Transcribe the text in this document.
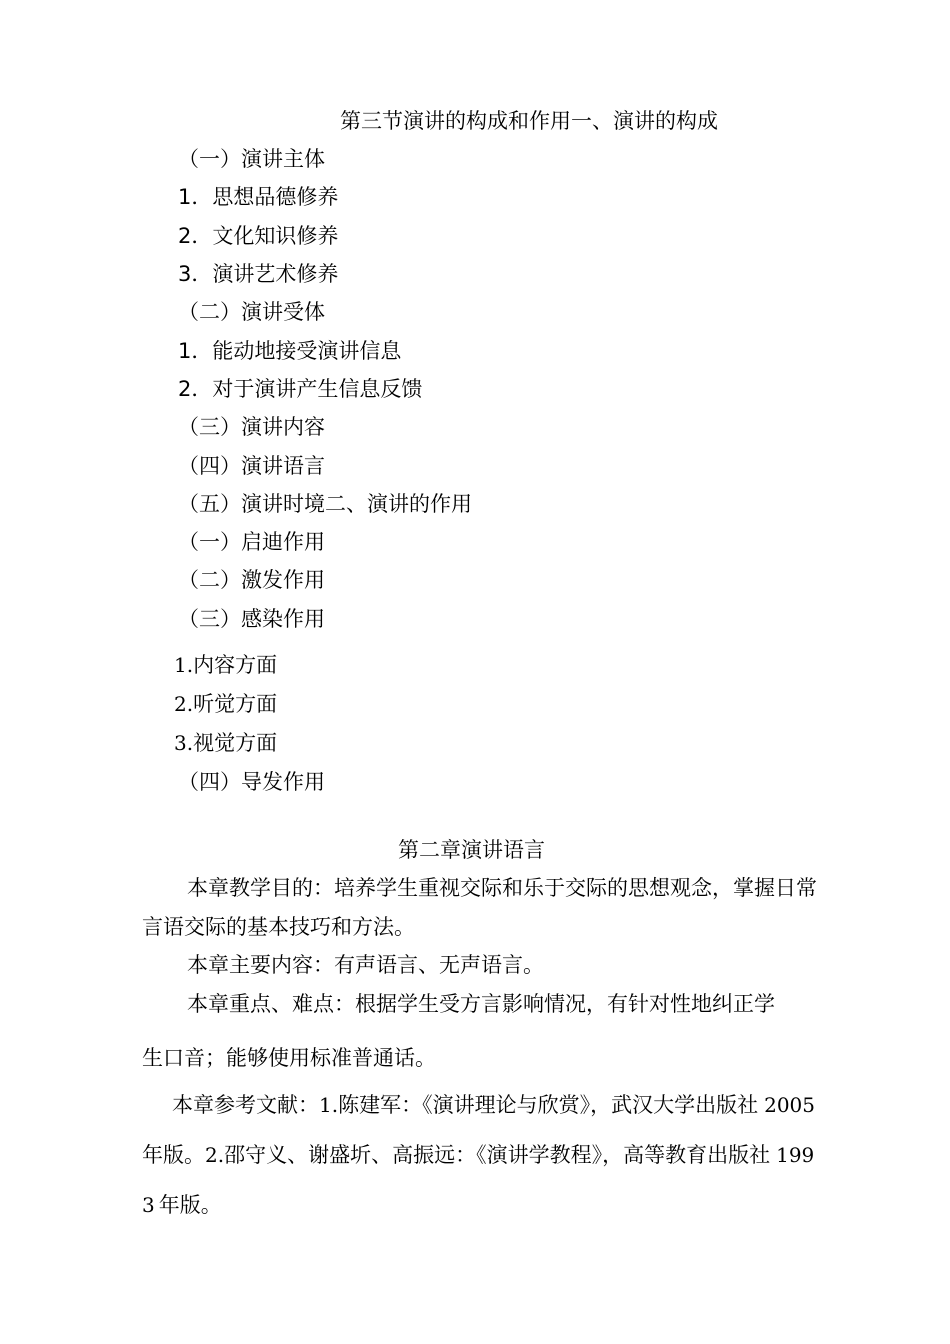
第三节演讲的构成和作用一、演讲的构成
（一）演讲主体
1．思想品德修养
2．文化知识修养
3．演讲艺术修养
（二）演讲受体
1．能动地接受演讲信息
2．对于演讲产生信息反馈
（三）演讲内容
（四）演讲语言
（五）演讲时境二、演讲的作用
（一）启迪作用
（二）激发作用
（三）感染作用
1.内容方面
2.听觉方面
3.视觉方面
（四）导发作用
第二章演讲语言
本章教学目的：培养学生重视交际和乐于交际的思想观念，掌握日常
言语交际的基本技巧和方法。
本章主要内容：有声语言、无声语言。
本章重点、难点：根据学生受方言影响情况，有针对性地纠正学
生口音；能够使用标准普通话。
本章参考文献：1.陈建军：《演讲理论与欣赏》，武汉大学出版社 2005
年版。2.邵守义、谢盛圻、高振远：《演讲学教程》，高等教育出版社 199
3 年版。
